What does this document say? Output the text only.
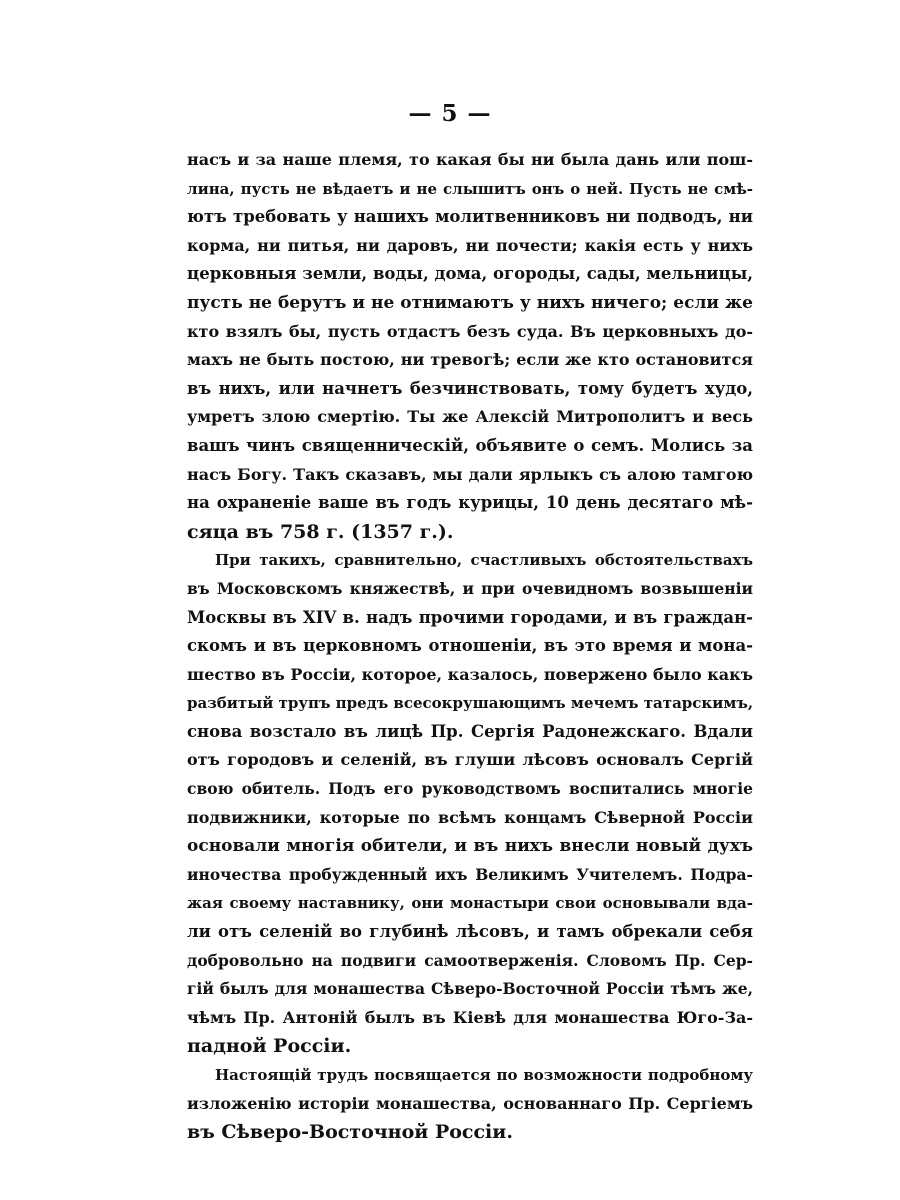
— 5 —
насъ и за наше племя, то какая бы ни была дань или пош-
лина, пусть не вѣдаетъ и не слышитъ онъ о ней. Пусть не смѣ-
ютъ требовать у нашихъ молитвенниковъ ни подводъ, ни
корма, ни питья, ни даровъ, ни почести; какія есть у нихъ
церковныя земли, воды, дома, огороды, сады, мельницы,
пусть не берутъ и не отнимаютъ у нихъ ничего; если же
кто взялъ бы, пусть отдастъ безъ суда. Въ церковныхъ до-
махъ не быть постою, ни тревогѣ; если же кто остановится
въ нихъ, или начнетъ безчинствовать, тому будетъ худо,
умретъ злою смертію. Ты же Алексій Митрополитъ и весь
вашъ чинъ священническій, объявите о семъ. Молись за
насъ Богу. Такъ сказавъ, мы дали ярлыкъ съ алою тамгою
на охраненіе ваше въ годъ курицы, 10 день десятаго мѣ-
сяца въ 758 г. (1357 г.).
При такихъ, сравнительно, счастливыхъ обстоятельствахъ
въ Московскомъ княжествѣ, и при очевидномъ возвышеніи
Москвы въ XIV в. надъ прочими городами, и въ граждан-
скомъ и въ церковномъ отношеніи, въ это время и мона-
шество въ Россіи, которое, казалось, повержено было какъ
разбитый трупъ предъ всесокрушающимъ мечемъ татарскимъ,
снова возстало въ лицѣ Пр. Сергія Радонежскаго. Вдали
отъ городовъ и селеній, въ глуши лѣсовъ основалъ Сергій
свою обитель. Подъ его руководствомъ воспитались многіе
подвижники, которые по всѣмъ концамъ Сѣверной Россіи
основали многія обители, и въ нихъ внесли новый духъ
иночества пробужденный ихъ Великимъ Учителемъ. Подра-
жая своему наставнику, они монастыри свои основывали вда-
ли отъ селеній во глубинѣ лѣсовъ, и тамъ обрекали себя
добровольно на подвиги самоотверженія. Словомъ Пр. Сер-
гій былъ для монашества Сѣверо-Восточной Россіи тѣмъ же,
чѣмъ Пр. Антоній былъ въ Кіевѣ для монашества Юго-За-
падной Россіи.
Настоящій трудъ посвящается по возможности подробному
изложенію исторіи монашества, основаннаго Пр. Сергіемъ
въ Сѣверо-Восточной Россіи.
